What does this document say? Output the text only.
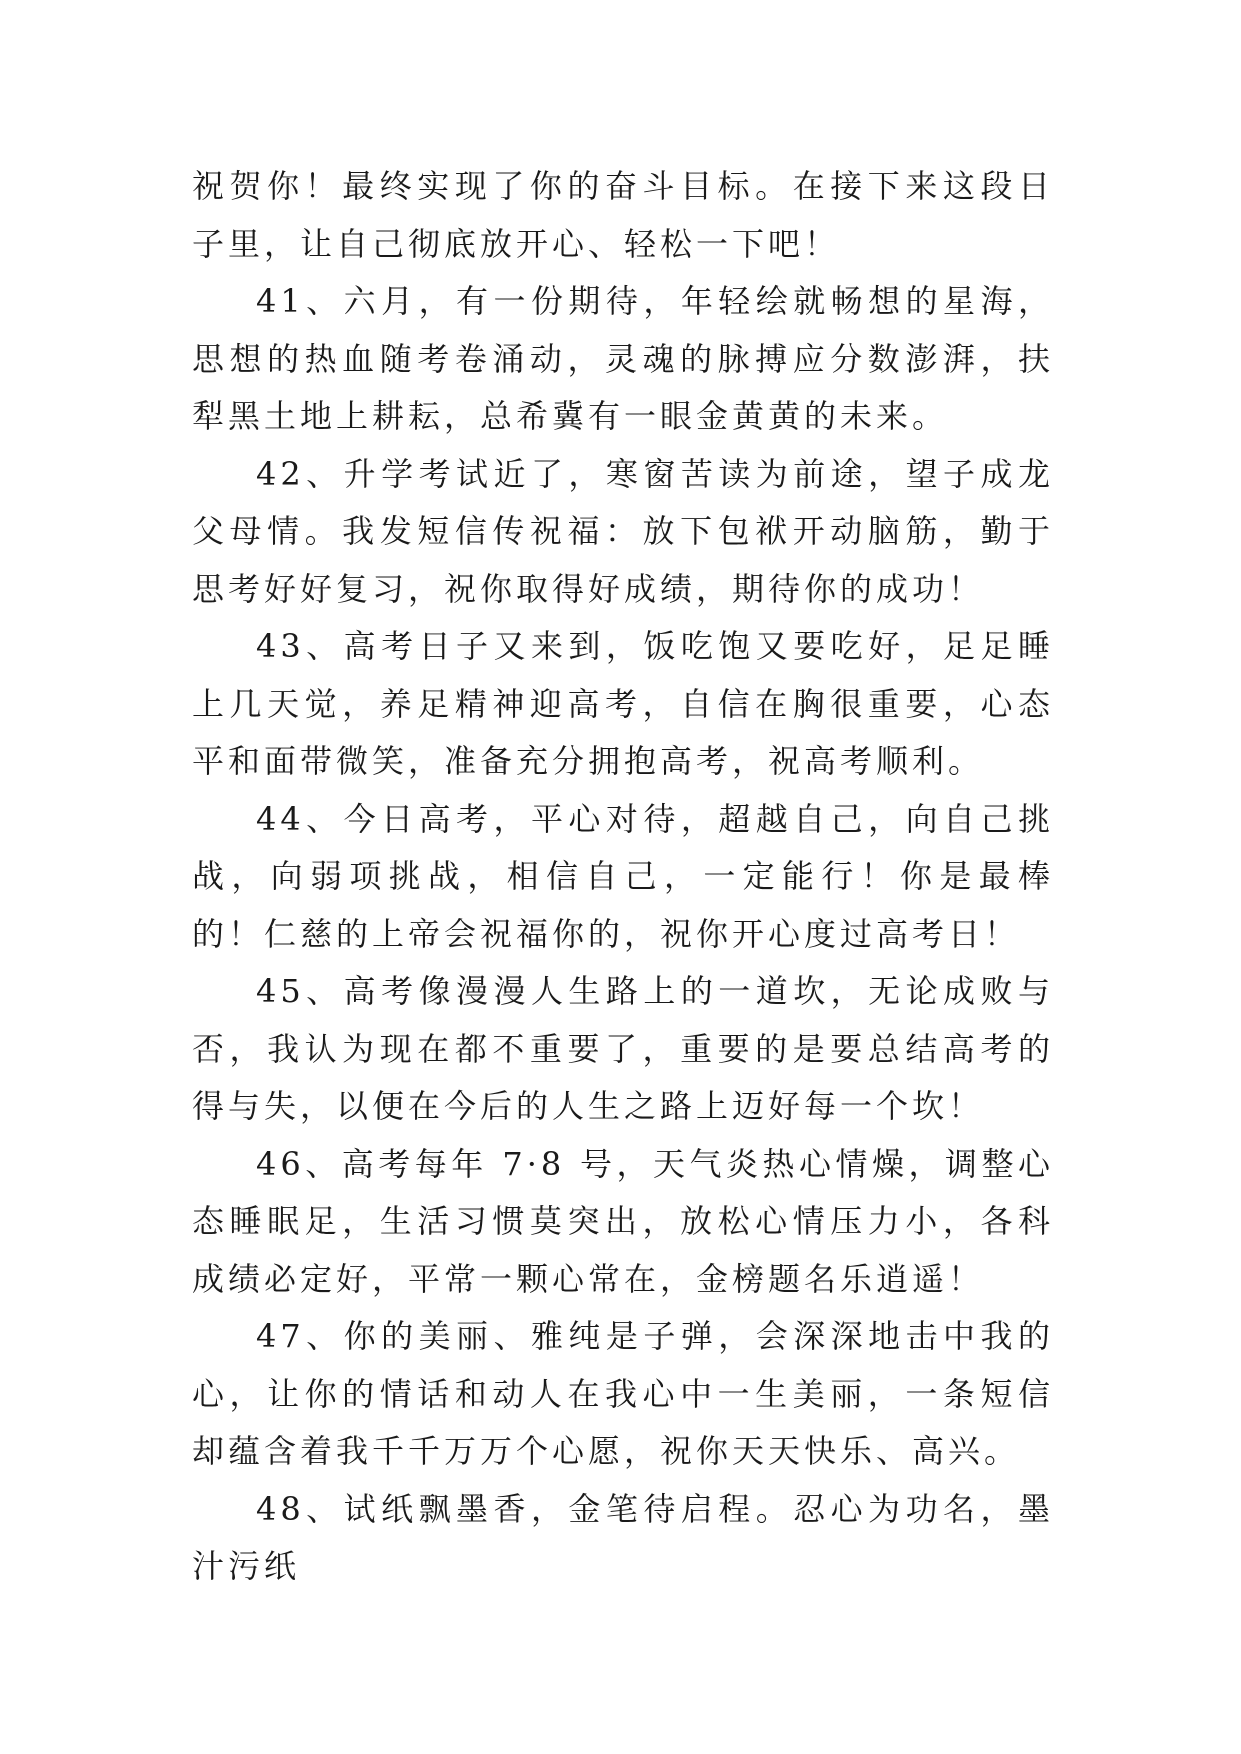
祝贺你！最终实现了你的奋斗目标。在接下来这段日子里，让自己彻底放开心、轻松一下吧！

41、六月，有一份期待，年轻绘就畅想的星海，思想的热血随考卷涌动，灵魂的脉搏应分数澎湃，扶犁黑土地上耕耘，总希冀有一眼金黄黄的未来。

42、升学考试近了，寒窗苦读为前途，望子成龙父母情。我发短信传祝福：放下包袱开动脑筋，勤于思考好好复习，祝你取得好成绩，期待你的成功！

43、高考日子又来到，饭吃饱又要吃好，足足睡上几天觉，养足精神迎高考，自信在胸很重要，心态平和面带微笑，准备充分拥抱高考，祝高考顺利。

44、今日高考，平心对待，超越自己，向自己挑战，向弱项挑战，相信自己，一定能行！你是最棒的！仁慈的上帝会祝福你的，祝你开心度过高考日！

45、高考像漫漫人生路上的一道坎，无论成败与否，我认为现在都不重要了，重要的是要总结高考的得与失，以便在今后的人生之路上迈好每一个坎！

46、高考每年 7·8 号，天气炎热心情燥，调整心态睡眠足，生活习惯莫突出，放松心情压力小，各科成绩必定好，平常一颗心常在，金榜题名乐逍遥！

47、你的美丽、雅纯是子弹，会深深地击中我的心，让你的情话和动人在我心中一生美丽，一条短信却蕴含着我千千万万个心愿，祝你天天快乐、高兴。

48、试纸飘墨香，金笔待启程。忍心为功名，墨汁污纸
